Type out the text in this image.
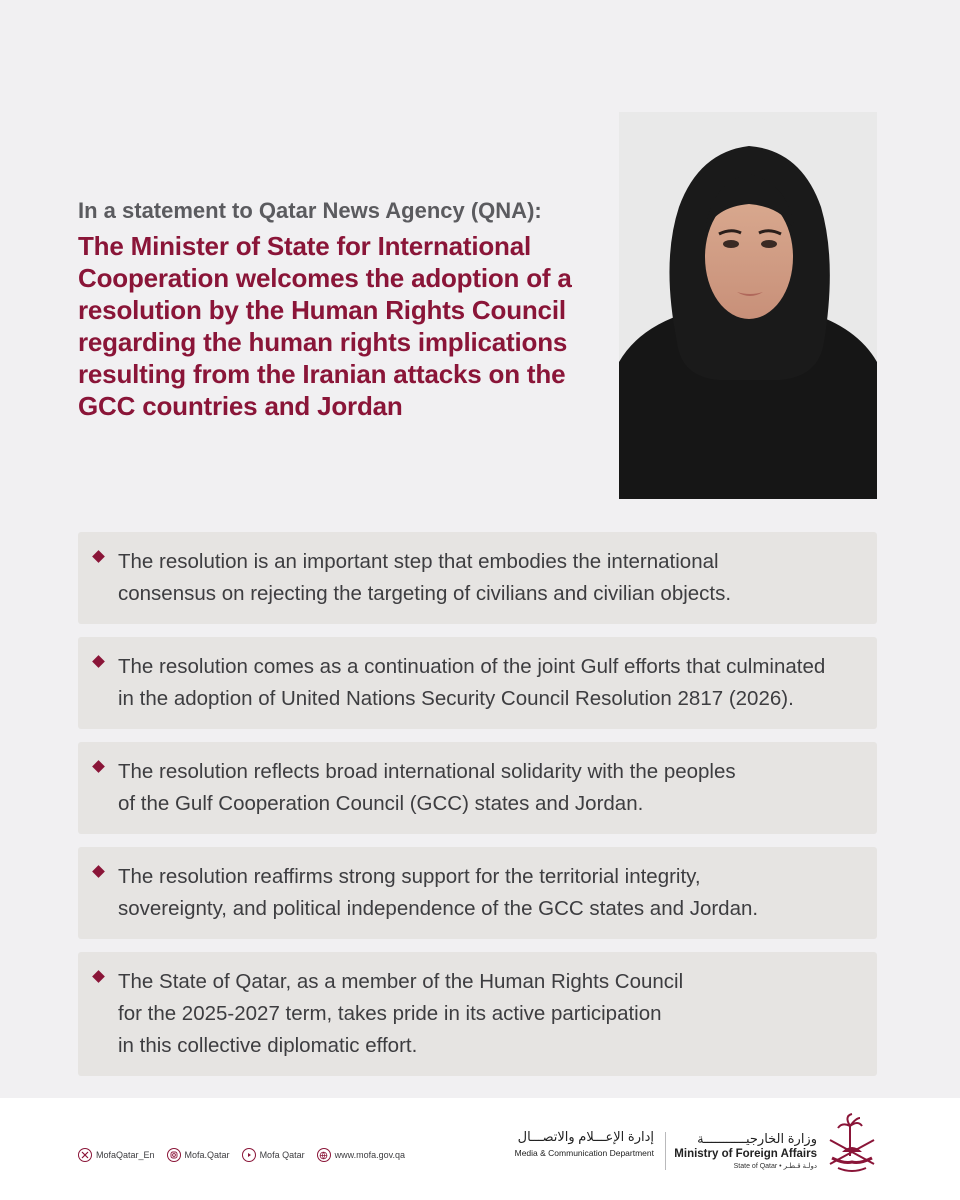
In a statement to Qatar News Agency (QNA):

The Minister of State for International Cooperation welcomes the adoption of a resolution by the Human Rights Council regarding the human rights implications resulting from the Iranian attacks on the GCC countries and Jordan
The resolution is an important step that embodies the international
consensus on rejecting the targeting of civilians and civilian objects.
The resolution comes as a continuation of the joint Gulf efforts that culminated
in the adoption of United Nations Security Council Resolution 2817 (2026).
The resolution reflects broad international solidarity with the peoples
of the Gulf Cooperation Council (GCC) states and Jordan.
The resolution reaffirms strong support for the territorial integrity,
sovereignty, and political independence of the GCC states and Jordan.
The State of Qatar, as a member of the Human Rights Council
for the 2025-2027 term, takes pride in its active participation
in this collective diplomatic effort.
MofaQatar_En	Mofa.Qatar	Mofa Qatar	www.mofa.gov.qa
إدارة الإعـــلام والاتصـــال
Media & Communication Department
وزارة الخارجيـــــــــــة
Ministry of Foreign Affairs
State of Qatar • دولـة قـطـر
